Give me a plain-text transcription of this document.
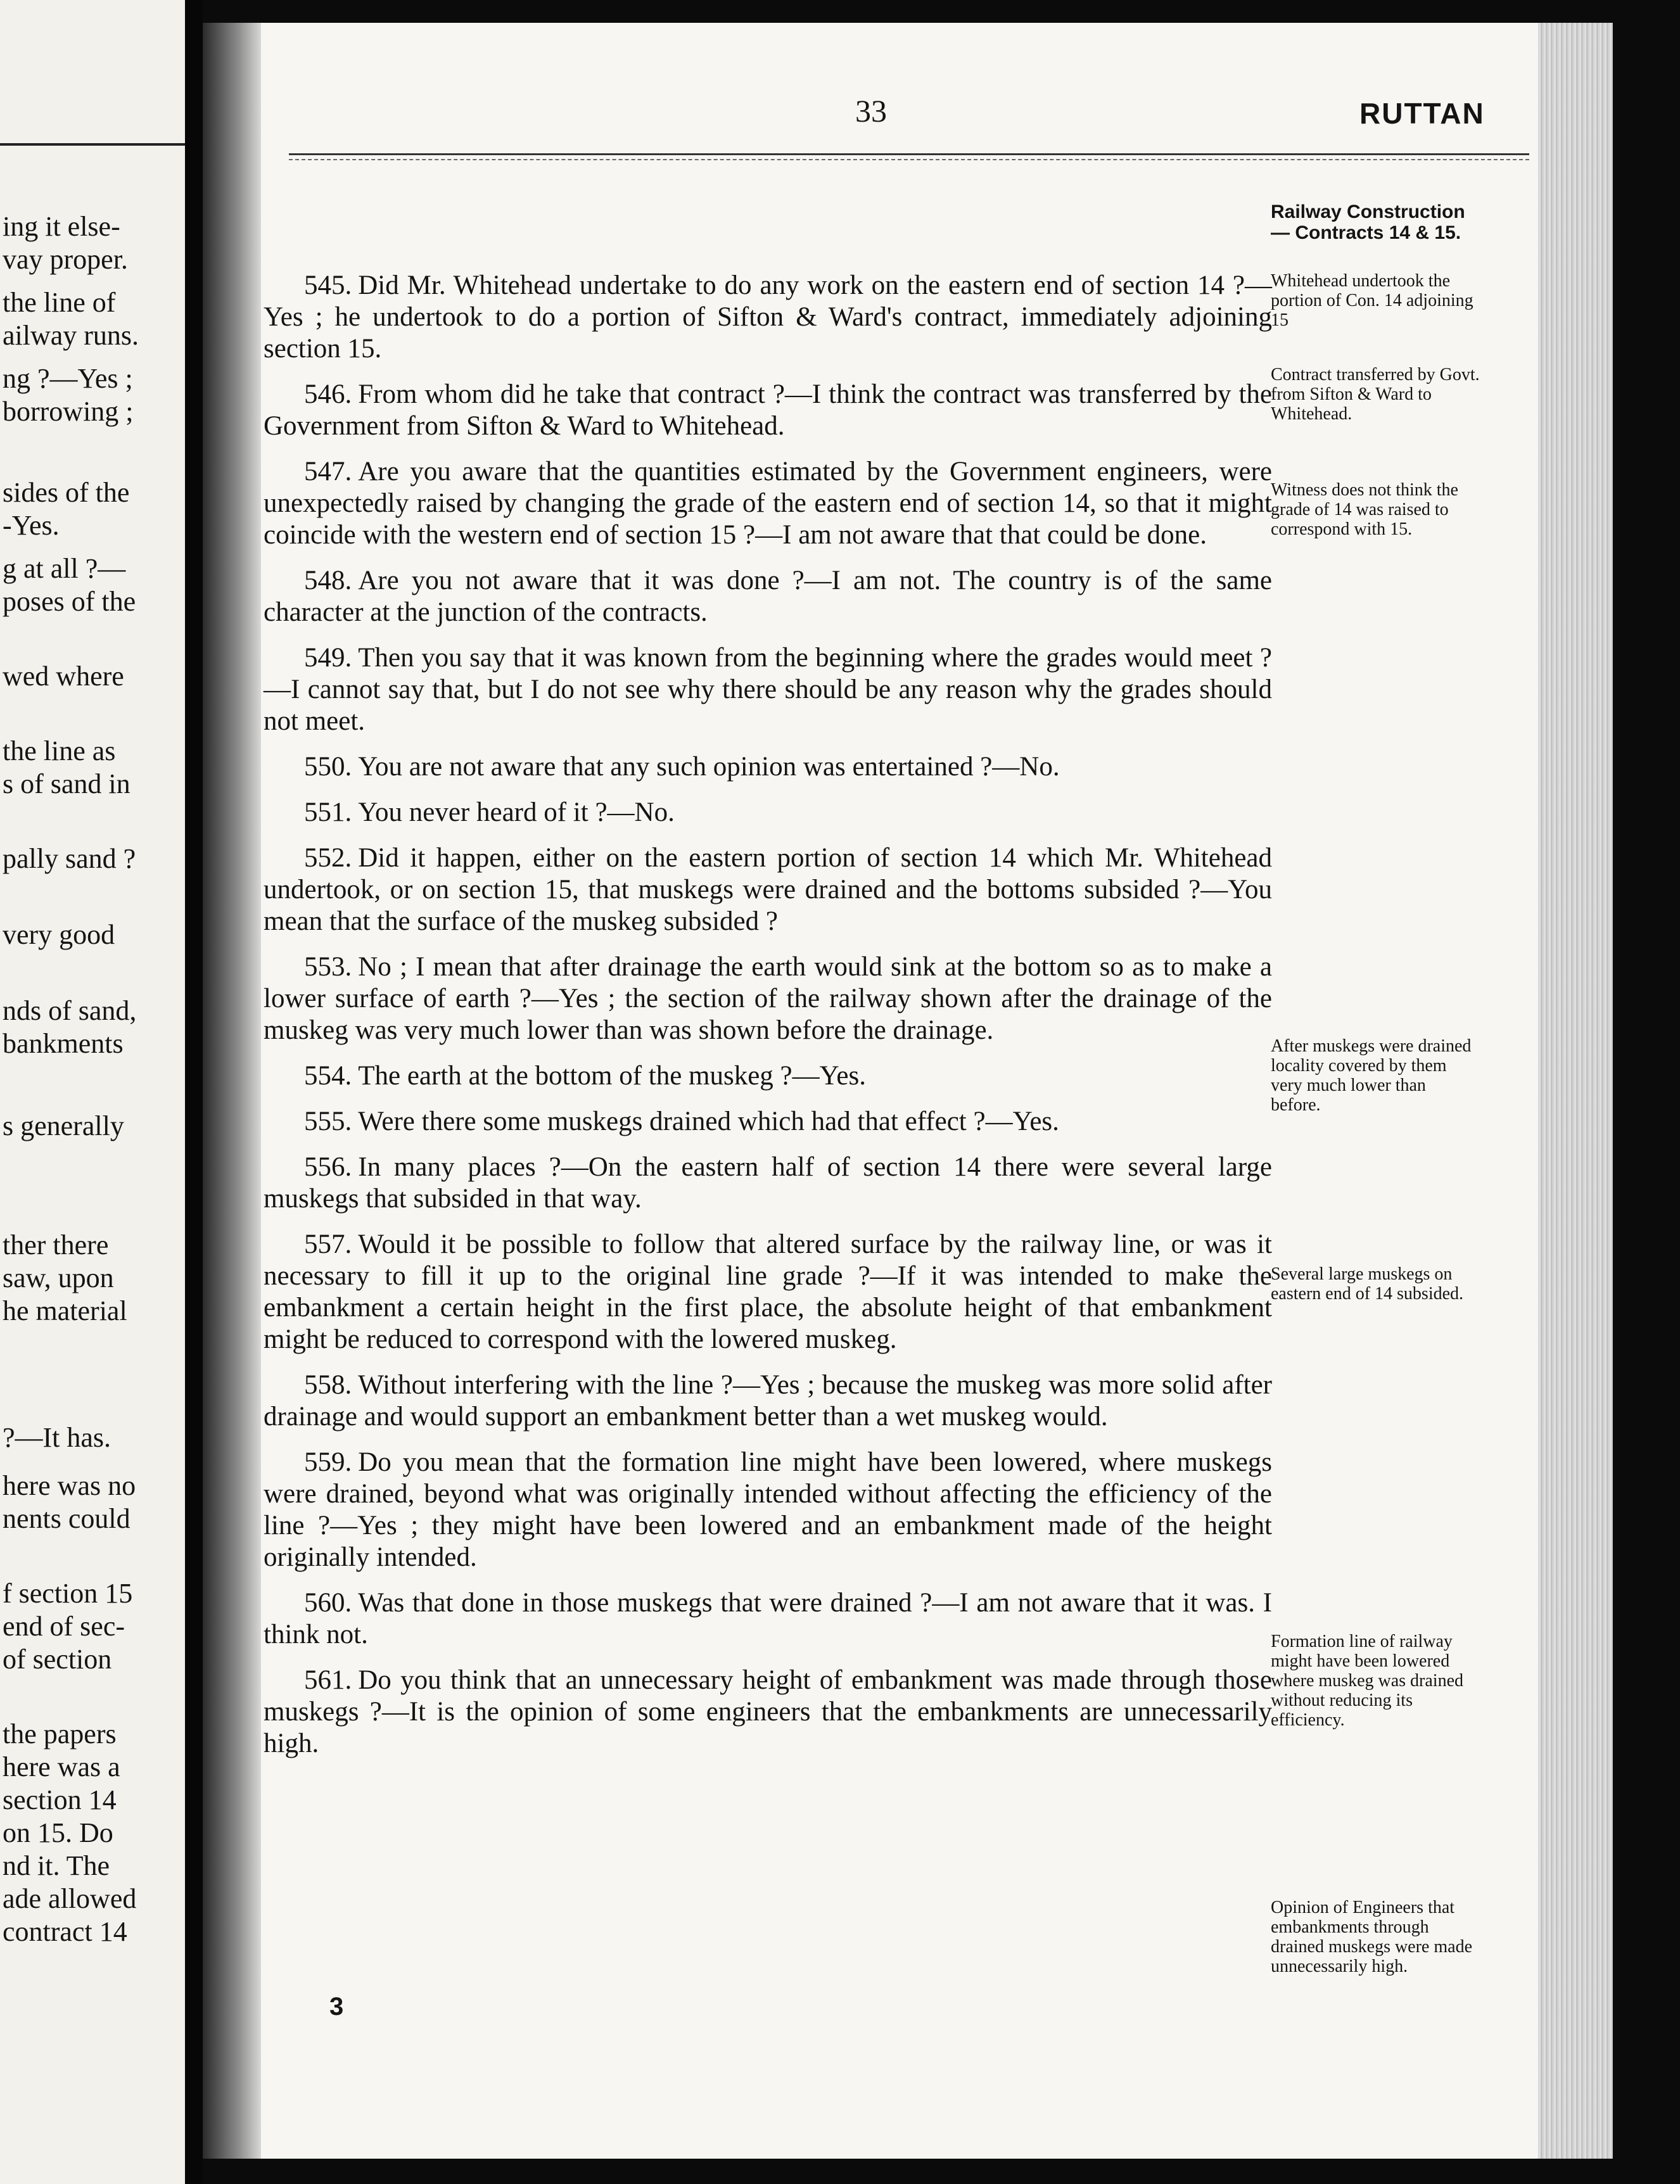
ing it else-
vay proper.
the line of
ailway runs.
ng ?—Yes ;
borrowing ;
sides of the
-Yes.
g at all ?—
poses of the
wed where
the line as
s of sand in
pally sand ?
very good
nds of sand,
bankments
s generally
ther there
saw, upon
he material
?—It has.
here was no
nents could
f section 15
end of sec-
of section
the papers
here was a
section 14
on 15. Do
nd it. The
ade allowed
contract 14
33	RUTTAN

545. Did Mr. Whitehead undertake to do any work on the eastern end of section 14 ?—Yes ; he undertook to do a portion of Sifton & Ward's contract, immediately adjoining section 15.

546. From whom did he take that contract ?—I think the contract was transferred by the Government from Sifton & Ward to Whitehead.

547. Are you aware that the quantities estimated by the Government engineers, were unexpectedly raised by changing the grade of the eastern end of section 14, so that it might coincide with the western end of section 15 ?—I am not aware that that could be done.

548. Are you not aware that it was done ?—I am not. The country is of the same character at the junction of the contracts.

549. Then you say that it was known from the beginning where the grades would meet ?—I cannot say that, but I do not see why there should be any reason why the grades should not meet.

550. You are not aware that any such opinion was entertained ?—No.

551. You never heard of it ?—No.

552. Did it happen, either on the eastern portion of section 14 which Mr. Whitehead undertook, or on section 15, that muskegs were drained and the bottoms subsided ?—You mean that the surface of the muskeg subsided ?

553. No ; I mean that after drainage the earth would sink at the bottom so as to make a lower surface of earth ?—Yes ; the section of the railway shown after the drainage of the muskeg was very much lower than was shown before the drainage.

554. The earth at the bottom of the muskeg ?—Yes.

555. Were there some muskegs drained which had that effect ?—Yes.

556. In many places ?—On the eastern half of section 14 there were several large muskegs that subsided in that way.

557. Would it be possible to follow that altered surface by the railway line, or was it necessary to fill it up to the original line grade ?—If it was intended to make the embankment a certain height in the first place, the absolute height of that embankment might be reduced to correspond with the lowered muskeg.

558. Without interfering with the line ?—Yes ; because the muskeg was more solid after drainage and would support an embankment better than a wet muskeg would.

559. Do you mean that the formation line might have been lowered, where muskegs were drained, beyond what was originally intended without affecting the efficiency of the line ?—Yes ; they might have been lowered and an embankment made of the height originally intended.

560. Was that done in those muskegs that were drained ?—I am not aware that it was. I think not.

561. Do you think that an unnecessary height of embankment was made through those muskegs ?—It is the opinion of some engineers that the embankments are unnecessarily high.

Railway Construction— Contracts 14 & 15.
Whitehead undertook the portion of Con. 14 adjoining 15
Contract transferred by Govt. from Sifton & Ward to Whitehead.
Witness does not think the grade of 14 was raised to correspond with 15.
After muskegs were drained locality covered by them very much lower than before.
Several large muskegs on eastern end of 14 subsided.
Formation line of railway might have been lowered where muskeg was drained without reducing its efficiency.
Opinion of Engineers that embankments through drained muskegs were made unnecessarily high.
3
